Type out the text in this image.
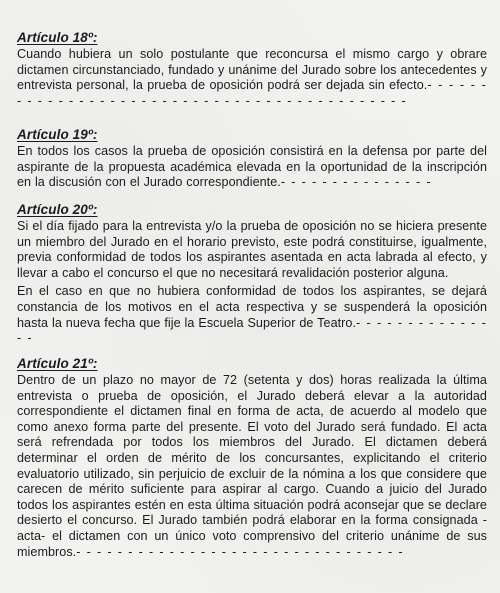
Artículo 18º:

Cuando hubiera un solo postulante que reconcursa el mismo cargo y obrare dictamen circunstanciado, fundado y unánime del Jurado sobre los antecedentes y entrevista personal, la prueba de oposición podrá ser dejada sin efecto.- - - - - - - - - - - - - - - - - - - - - - - - - - - - - - - - - - - - - - - - - - - -

Artículo 19º:

En todos los casos la prueba de oposición consistirá en la defensa por parte del aspirante de la propuesta académica elevada en la oportunidad de la inscripción en la discusión con el Jurado correspondiente.- - - - - - - - - - - - - - -

Artículo 20º:

Si el día fijado para la entrevista y/o la prueba de oposición no se hiciera presente un miembro del Jurado en el horario previsto, este podrá constituirse, igualmente, previa conformidad de todos los aspirantes asentada en acta labrada al efecto, y llevar a cabo el concurso el que no necesitará revalidación posterior alguna.

En el caso en que no hubiera conformidad de todos los aspirantes, se dejará constancia de los motivos en el acta respectiva y se suspenderá la oposición hasta la nueva fecha que fije la Escuela Superior de Teatro.- - - - - - - - - - - - - - -

Artículo 21º:

Dentro de un plazo no mayor de 72 (setenta y dos) horas realizada la última entrevista o prueba de oposición, el Jurado deberá elevar a la autoridad correspondiente el dictamen final en forma de acta, de acuerdo al modelo que como anexo forma parte del presente. El voto del Jurado será fundado. El acta será refrendada por todos los miembros del Jurado. El dictamen deberá determinar el orden de mérito de los concursantes, explicitando el criterio evaluatorio utilizado, sin perjuicio de excluir de la nómina a los que considere que carecen de mérito suficiente para aspirar al cargo. Cuando a juicio del Jurado todos los aspirantes estén en esta última situación podrá aconsejar que se declare desierto el concurso. El Jurado también podrá elaborar en la forma consignada -acta- el dictamen con un único voto comprensivo del criterio unánime de sus miembros.- - - - - - - - - - - - - - - - - - - - - - - - - - - - - - - -
